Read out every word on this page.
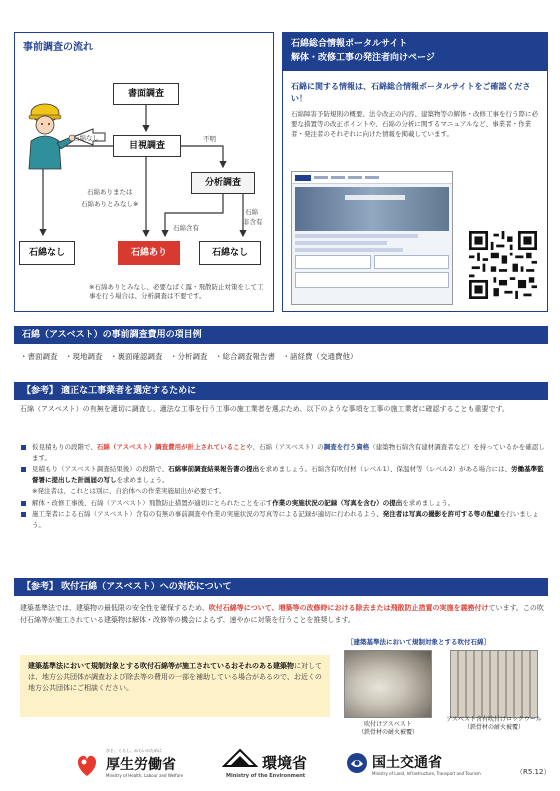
事前調査の流れ
書面調査
目視調査
分析調査
石綿なし	石綿あり	石綿なし
石綿なし	不明
石綿ありまたは
石綿ありとみなし※
石綿含有
石綿
非含有
※石綿ありとみなし、必要なばく露・飛散防止対策をして工事を行う場合は、分析調査は不要です。
石綿総合情報ポータルサイト
解体・改修工事の発注者向けページ
石綿に関する情報は、石綿総合情報ポータルサイトをご確認ください！
石綿障害予防規則の概要、法令改正の内容、建築物等の解体・改修工事を行う際に必要な措置等の改正ポイントや、石綿の分析に関するマニュアルなど、事業者・作業者・発注者のそれぞれに向けた情報を掲載しています。
石綿（アスベスト）の事前調査費用の項目例
・書面調査　・現地調査　・裏面確認調査　・分析調査　・総合調査報告書　・諸経費（交通費他）
【参考】 適正な工事業者を選定するために
石綿（アスベスト）の有無を適切に調査し、適法な工事を行う工事の施工業者を選ぶため、以下のような事項を工事の施工業者に確認することも重要です。
仮見積もりの段階で、石綿（アスベスト）調査費用が計上されていることや、石綿（アスベスト）の調査を行う資格（建築物石綿含有建材調査者など）を持っているかを確認します。
見積もり（アスベスト調査結果後）の段階で、石綿事前調査結果報告書の提出を求めましょう。石綿含有吹付材（レベル1）、保温材等（レベル2）がある場合には、労働基準監督署に提出した計画届の写しを求めましょう。
※発注者は、これとは別に、自治体への作業実施届出が必要です。
解体・改修工事後、石綿（アスベスト）飛散防止措置が適切にとられたことを示す作業の実施状況の記録（写真を含む）の提出を求めましょう。
施工業者による石綿（アスベスト）含有の有無の事前調査や作業の実施状況の写真等による記録が適切に行われるよう、発注者は写真の撮影を許可する等の配慮を行いましょう。
【参考】 吹付石綿（アスベスト）への対応について
建築基準法では、建築物の最低限の安全性を確保するため、吹付石綿等について、増築等の改修時における除去または飛散防止措置の実施を義務付けています。この吹付石綿等が施工されている建築物は解体・改修等の機会によらず、速やかに対策を行うことを推奨します。
［建築基準法において規制対象とする吹付石綿］
吹付けアスベスト
（鉄骨材の耐火被覆）
アスベスト含有吹付けロックウール
（鉄骨材の耐火被覆）
建築基準法において規制対象とする吹付石綿等が施工されているおそれのある建築物に対しては、地方公共団体が調査および除去等の費用の一部を補助している場合があるので、お近くの地方公共団体にご相談ください。
ひと、くらし、みらいのために
厚生労働省
Ministry of Health, Labour and Welfare
環境省
Ministry of the Environment
国土交通省
Ministry of Land, Infrastructure, Transport and Tourism	（R5.12）
